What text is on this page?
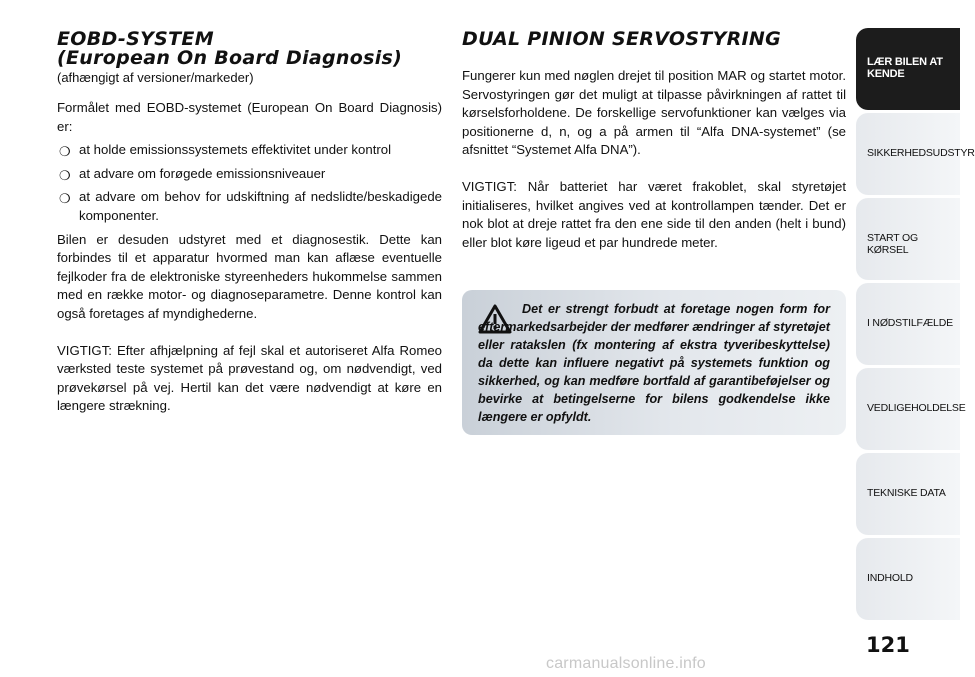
EOBD-SYSTEM
(European On Board Diagnosis)
(afhængigt af versioner/markeder)

Formålet med EOBD-systemet (European On Board Diagnosis) er:

❍ at holde emissionssystemets effektivitet under kontrol
❍ at advare om forøgede emissionsniveauer
❍ at advare om behov for udskiftning af nedslidte/beskadigede komponenter.

Bilen er desuden udstyret med et diagnosestik. Dette kan forbindes til et apparatur hvormed man kan aflæse eventuelle fejlkoder fra de elektroniske styreenheders hukommelse sammen med en række motor- og diagnoseparametre. Denne kontrol kan også foretages af myndighederne.

VIGTIGT: Efter afhjælpning af fejl skal et autoriseret Alfa Romeo værksted teste systemet på prøvestand og, om nødvendigt, ved prøvekørsel på vej. Hertil kan det være nødvendigt at køre en længere strækning.

DUAL PINION SERVOSTYRING

Fungerer kun med nøglen drejet til position MAR og startet motor. Servostyringen gør det muligt at tilpasse påvirkningen af rattet til kørselsforholdene. De forskellige servofunktioner kan vælges via positionerne d, n, og a på armen til “Alfa DNA-systemet” (se afsnittet “Systemet Alfa DNA”).

VIGTIGT: Når batteriet har været frakoblet, skal styretøjet initialiseres, hvilket angives ved at kontrollampen tænder. Det er nok blot at dreje rattet fra den ene side til den anden (helt i bund) eller blot køre ligeud et par hundrede meter.

Det er strengt forbudt at foretage nogen form for eftermarkedsarbejder der medfører ændringer af styretøjet eller ratakslen (fx montering af ekstra tyveribeskyttelse) da dette kan influere negativt på systemets funktion og sikkerhed, og kan medføre bortfald af garantibeføjelser og bevirke at betingelserne for bilens godkendelse ikke længere er opfyldt.
LÆR BILEN AT KENDE
SIKKERHEDSUDSTYR
START OG KØRSEL
I NØDSTILFÆLDE
VEDLIGEHOLDELSE
TEKNISKE DATA
INDHOLD
121
carmanualsonline.info
